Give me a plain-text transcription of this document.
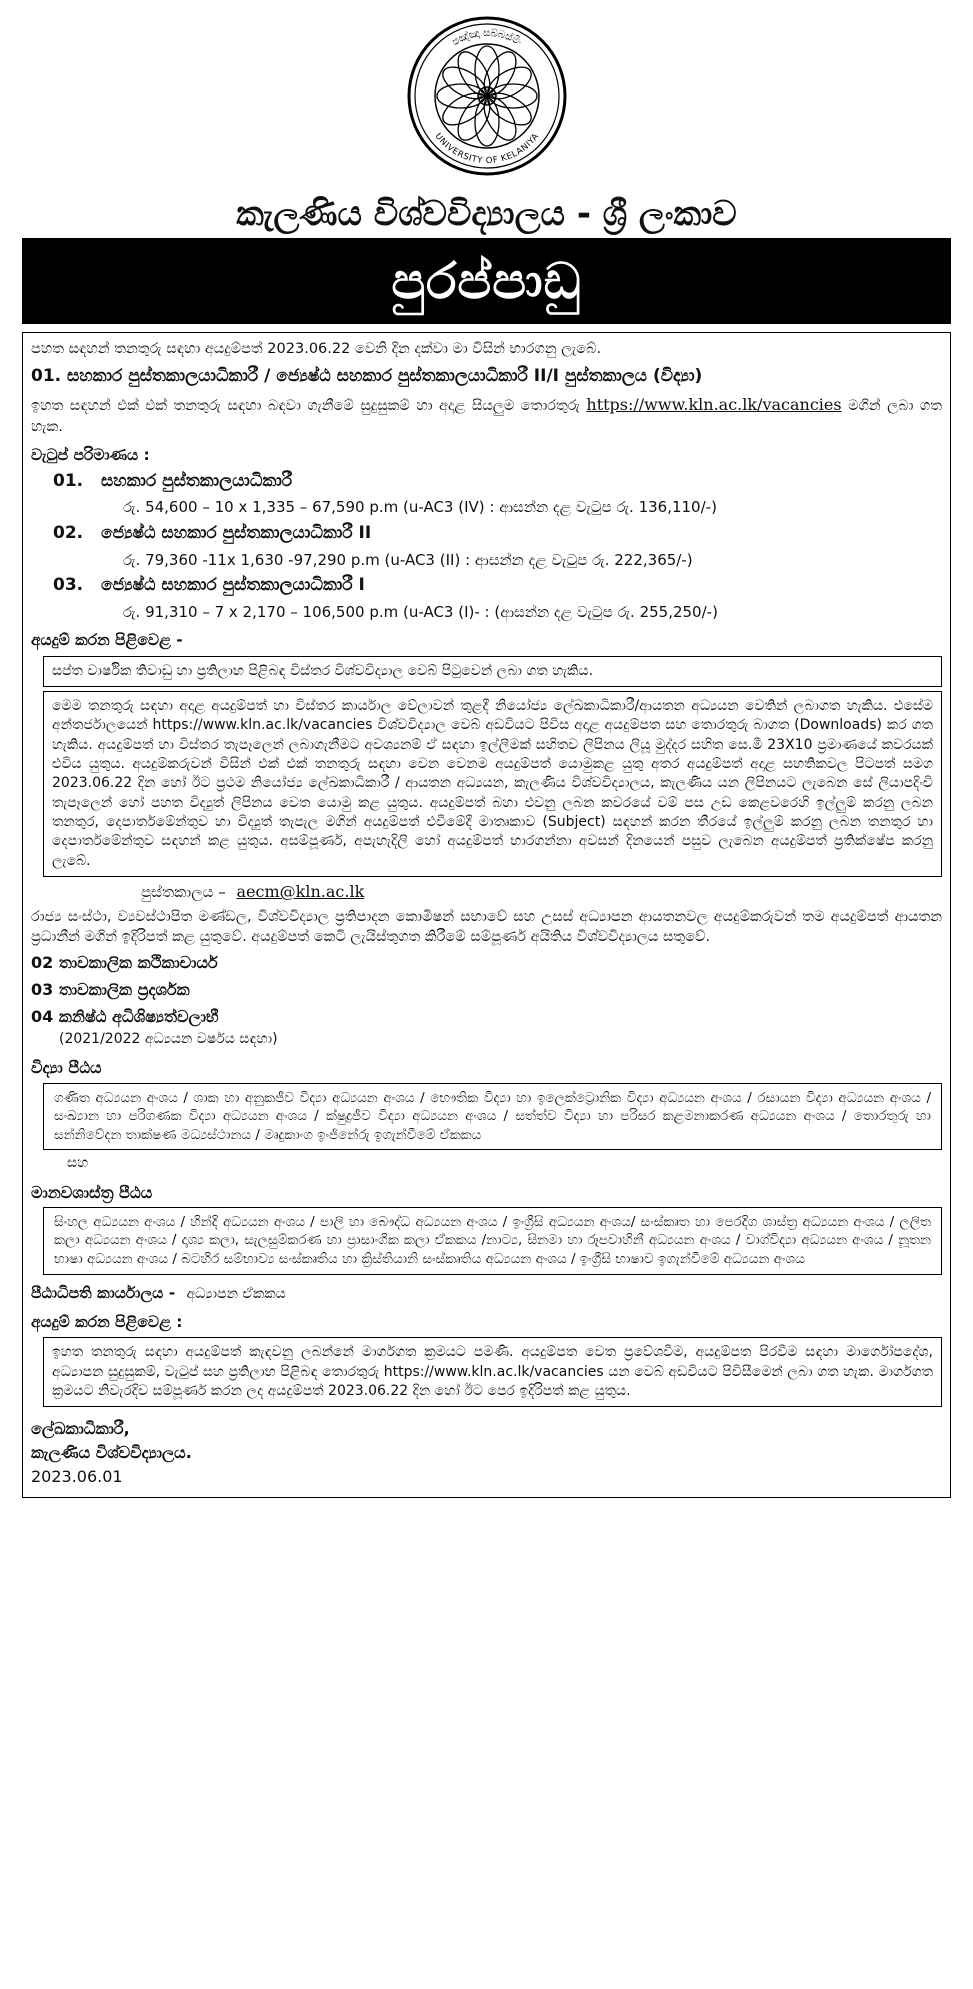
පඤ්ඤා සබ්බස්මිං
UNIVERSITY OF KELANIYA
කැලණිය විශ්වවිද්‍යාලය - ශ්‍රී ලංකාව
පුරප්පාඩු

පහත සඳහන් තනතුරු සඳහා අයදුම්පත් 2023.06.22 වෙනි දින දක්වා මා විසින් භාරගනු ලැබේ.

01. සහකාර පුස්තකාලයාධිකාරී / ජ්‍යෙෂ්ඨ සහකාර පුස්තකාලයාධිකාරී II/I පුස්තකාලය (විද්‍යා)

ඉහත සඳහන් එක් එක් තනතුරු සඳහා බඳවා ගැනීමේ සුදුසුකම් හා අදාළ සියලුම තොරතුරු https://www.kln.ac.lk/vacancies මගින් ලබා ගත හැක.

වැටුප් පරිමාණය :
01. සහකාර පුස්තකාලයාධිකාරී
රු. 54,600 – 10 x 1,335 – 67,590 p.m (u-AC3 (IV) : ආසන්න දළ වැටුප රු. 136,110/-)
02. ජ්‍යෙෂ්ඨ සහකාර පුස්තකාලයාධිකාරී II
රු. 79,360 -11x 1,630 -97,290 p.m (u-AC3 (II) : ආසන්න දළ වැටුප රු. 222,365/-)
03. ජ්‍යෙෂ්ඨ සහකාර පුස්තකාලයාධිකාරී I
රු. 91,310 – 7 x 2,170 – 106,500 p.m (u-AC3 (I)- : (ආසන්න දළ වැටුප රු. 255,250/-)
අයදුම් කරන පිළිවෙළ -
සප්ත වාර්ෂික තිවාඩු හා ප්‍රතිලාභ පිළිබඳ විස්තර විශ්වවිද්‍යාල වෙබ් පිටුවෙන් ලබා ගත හැකිය.
මෙම තනතුරු සඳහා අදාළ අයදුම්පත් හා විස්තර කාර්යාල වේලාවන් තුළදී නියෝජ්‍ය ලේඛකාධිකාරී/ආයතන අධ්‍යයන වෙතින් ලබාගත හැකිය. එසේම අන්තර්ජාලයෙන් https://www.kln.ac.lk/vacancies විශ්වවිද්‍යාල වෙබ් අඩවියට පිවිස අදාළ අයදුම්පත සහ තොරතුරු බාගත (Downloads) කර ගත හැකිය. අයදුම්පත් හා විස්තර තැපෑලෙන් ලබාගැනීමට අවශ්‍යනම් ඒ සඳහා ඉල්ලීමක් සහිතව ලිපිනය ලියූ මුද්දර සහිත සෙ.මී 23X10 ප්‍රමාණයේ කවරයක් එවිය යුතුය. අයදුම්කරුවන් විසින් එක් එක් තනතුරු සඳහා වෙන වෙනම අයදුම්පත් යොමුකළ යුතු අතර අයදුම්පත් අදාළ සහතිකවල පිටපත් සමග 2023.06.22 දින හෝ ඊට ප්‍රථම නියෝජ්‍ය ලේඛකාධිකාරී / ආයතන අධ්‍යයන, කැලණිය විශ්වවිද්‍යාලය, කැලණිය යන ලිපිනයට ලැබෙන සේ ලියාපදිංචි තැපෑලෙන් හෝ පහත විද්‍යුත් ලිපිනය වෙත යොමු කළ යුතුය. අයදුම්පත් බහා එවනු ලබන කවරයේ වම් පස උඩ කෙළවරෙහි ඉල්ලුම් කරනු ලබන තනතුර, දෙපාර්තමේන්තුව හා විද්‍යුත් තැපැල මගින් අයදුම්පත් එවීමේදී මාතෘකාව (Subject) සඳහන් කරන තීරයේ ඉල්ලුම් කරනු ලබන තනතුර හා දෙපාර්තමේන්තුව සඳහන් කළ යුතුය. අසම්පූර්ණ, අපැහැදිලි හෝ අයදුම්පත් භාරගන්නා අවසන් දිනයෙන් පසුව ලැබෙන අයදුම්පත් ප්‍රතික්ෂේප කරනු ලැබේ.
පුස්තකාලය – aecm@kln.ac.lk

රාජ්‍ය සංස්ථා, ව්‍යවස්ථාපිත මණ්ඩල, විශ්වවිද්‍යාල ප්‍රතිපාදන කොමිෂන් සභාවේ සහ උසස් අධ්‍යාපන ආයතනවල අයදුම්කරුවන් තම අයදුම්පත් ආයතන ප්‍රධානීන් මගින් ඉදිරිපත් කළ යුතුවේ. අයදුම්පත් කෙටි ලැයිස්තුගත කිරීමේ සම්පූර්ණ අයිතිය විශ්වවිද්‍යාලය සතුවේ.

02 තාවකාලික කථිකාචාර්ය
03 තාවකාලික ප්‍රදර්ශක
04 කනිෂ්ඨ අධිශිෂ්‍යත්වලාභී
(2021/2022 අධ්‍යයන වර්ෂය සඳහා)
විද්‍යා පීඨය
ගණිත අධ්‍යයන අංශය / ශාක හා අනුකජීව විද්‍යා අධ්‍යයන අංශය / භෞතික විද්‍යා හා ඉලෙක්ට්‍රොනික විද්‍යා අධ්‍යයන අංශය / රසායන විද්‍යා අධ්‍යයන අංශය / සංඛ්‍යාන හා පරිගණක විද්‍යා අධ්‍යයන අංශය / ක්ෂුද්‍රජීව විද්‍යා අධ්‍යයන අංශය / සත්ත්ව විද්‍යා හා පරිසර කළමනාකරණ අධ්‍යයන අංශය / තොරතුරු හා සන්නිවේදන තාක්ෂණ මධ්‍යස්ථානය / මෘදුකාංග ඉංජිනේරු ඉගැන්වීමේ ඒකකය
සහ
මානවශාස්ත්‍ර පීඨය
සිංහල අධ්‍යයන අංශය / හින්දි අධ්‍යයන අංශය / පාලි හා බෞද්ධ අධ්‍යයන අංශය / ඉංග්‍රීසි අධ්‍යයන අංශය/ සංස්කෘත හා පෙරදිග ශාස්ත්‍ර අධ්‍යයන අංශය / ලලිත කලා අධ්‍යයන අංශය / දෘශ්‍ය කලා, සැලසුම්කරණ හා ප්‍රාසාංගික කලා ඒකකය /නාට්‍ය, සිනමා හා රූපවාහිනී අධ්‍යයන අංශය / වාග්විද්‍යා අධ්‍යයන අංශය / නූතන භාෂා අධ්‍යයන අංශය / බටහිර සම්භාව්‍ය සංස්කෘතිය හා ක්‍රිස්තියානි සංස්කෘතිය අධ්‍යයන අංශය / ඉංග්‍රීසි භාෂාව ඉගැන්වීමේ අධ්‍යයන අංශය
පීඨාධිපති කාර්යාලය - අධ්‍යාපන ඒකකය
අයදුම් කරන පිළිවෙළ :
ඉහත තනතුරු සඳහා අයදුම්පත් කැඳවනු ලබන්නේ මාර්ගගත ක්‍රමයට පමණි. අයදුම්පත වෙත ප්‍රවේශවීම, අයදුම්පත පිරවීම සඳහා මාර්ගෝපදේශ, අධ්‍යාපන සුදුසුකම්, වැටුප් සහ ප්‍රතිලාභ පිළිබඳ තොරතුරු https://www.kln.ac.lk/vacancies යන වෙබ් අඩවියට පිවිසීමෙන් ලබා ගත හැක. මාර්ගගත ක්‍රමයට නිවැරදිව සම්පූර්ණ කරන ලද අයදුම්පත් 2023.06.22 දින හෝ ඊට පෙර ඉදිරිපත් කළ යුතුය.
ලේඛකාධිකාරී,
කැලණිය විශ්වවිද්‍යාලය.
2023.06.01
